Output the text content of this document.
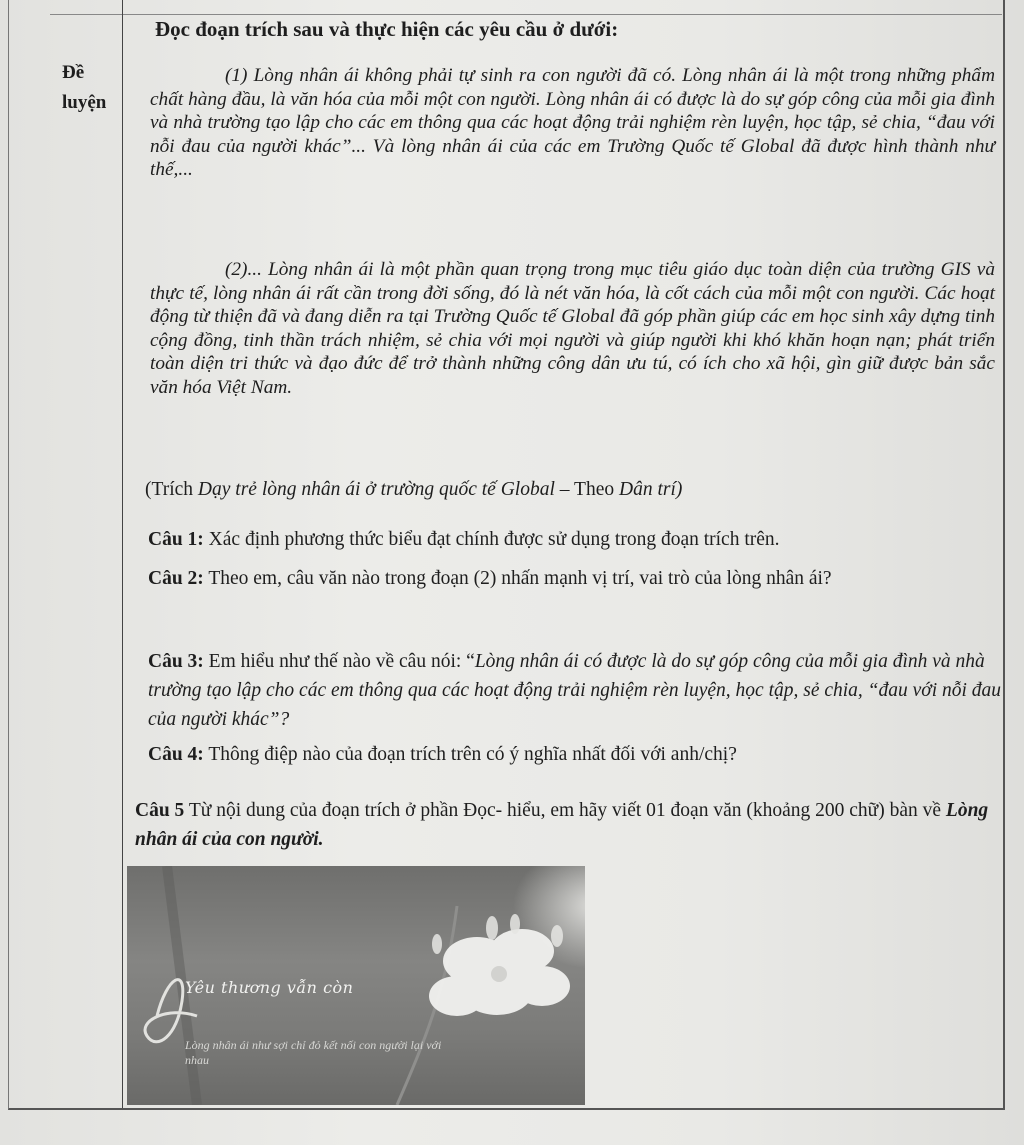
Đề
luyện
Đọc đoạn trích sau và thực hiện các yêu cầu ở dưới:

(1) Lòng nhân ái không phải tự sinh ra con người đã có. Lòng nhân ái là một trong những phẩm chất hàng đầu, là văn hóa của mỗi một con người. Lòng nhân ái có được là do sự góp công của mỗi gia đình và nhà trường tạo lập cho các em thông qua các hoạt động trải nghiệm rèn luyện, học tập, sẻ chia, “đau với nỗi đau của người khác”... Và lòng nhân ái của các em Trường Quốc tế Global đã được hình thành như thế,...

(2)... Lòng nhân ái là một phần quan trọng trong mục tiêu giáo dục toàn diện của trường GIS và thực tế, lòng nhân ái rất cần trong đời sống, đó là nét văn hóa, là cốt cách của mỗi một con người. Các hoạt động từ thiện đã và đang diễn ra tại Trường Quốc tế Global đã góp phần giúp các em học sinh xây dựng tinh cộng đồng, tinh thần trách nhiệm, sẻ chia với mọi người và giúp người khi khó khăn hoạn nạn; phát triển toàn diện tri thức và đạo đức để trở thành những công dân ưu tú, có ích cho xã hội, gìn giữ được bản sắc văn hóa Việt Nam.

(Trích Dạy trẻ lòng nhân ái ở trường quốc tế Global – Theo Dân trí)

Câu 1: Xác định phương thức biểu đạt chính được sử dụng trong đoạn trích trên.

Câu 2: Theo em, câu văn nào trong đoạn (2) nhấn mạnh vị trí, vai trò của lòng nhân ái?

Câu 3: Em hiểu như thế nào về câu nói: “Lòng nhân ái có được là do sự góp công của mỗi gia đình và nhà trường tạo lập cho các em thông qua các hoạt động trải nghiệm rèn luyện, học tập, sẻ chia, “đau với nỗi đau của người khác”?

Câu 4: Thông điệp nào của đoạn trích trên có ý nghĩa nhất đối với anh/chị?

Câu 5 Từ nội dung của đoạn trích ở phần Đọc- hiểu, em hãy viết 01 đoạn văn (khoảng 200 chữ) bàn về Lòng nhân ái của con người.

Yêu thương vẫn còn
Lòng nhân ái như sợi chỉ đỏ kết nối con người lại với nhau
